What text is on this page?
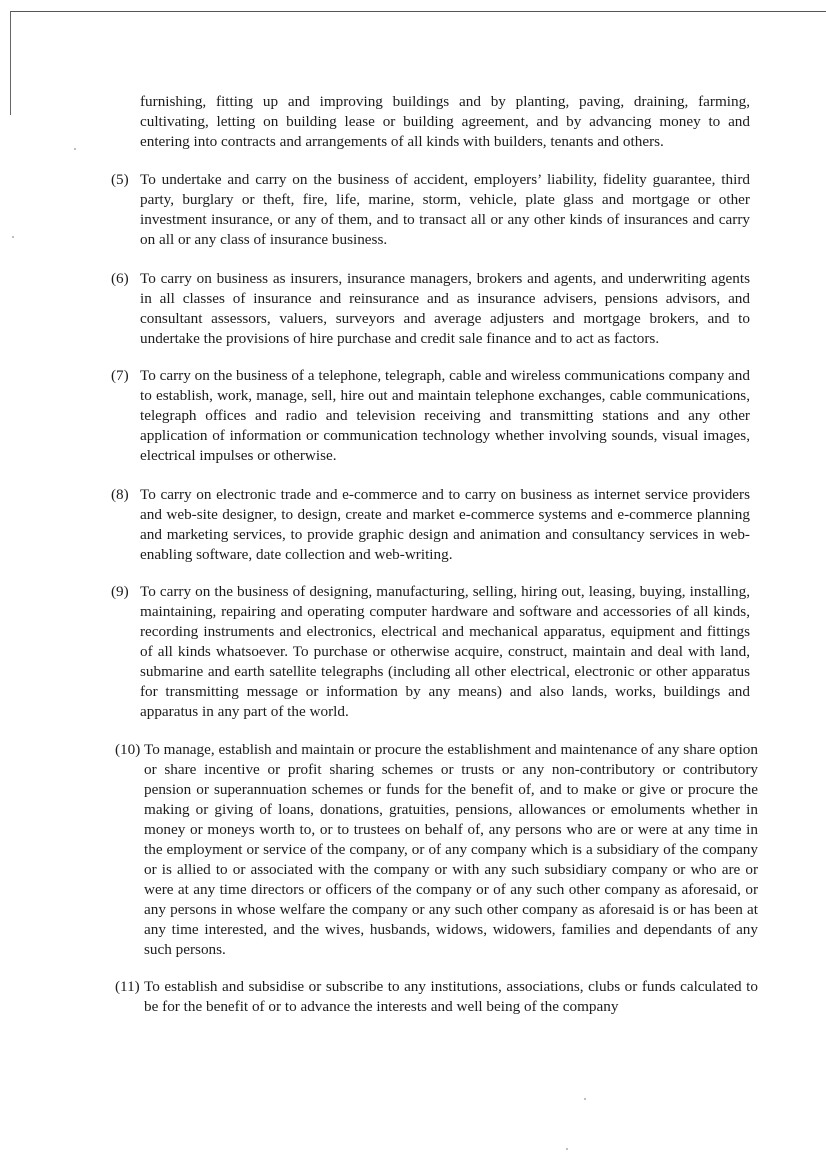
furnishing, fitting up and improving buildings and by planting, paving, draining, farming, cultivating, letting on building lease or building agreement, and by advancing money to and entering into contracts and arrangements of all kinds with builders, tenants and others.
(5) To undertake and carry on the business of accident, employers’ liability, fidelity guarantee, third party, burglary or theft, fire, life, marine, storm, vehicle, plate glass and mortgage or other investment insurance, or any of them, and to transact all or any other kinds of insurances and carry on all or any class of insurance business.
(6) To carry on business as insurers, insurance managers, brokers and agents, and underwriting agents in all classes of insurance and reinsurance and as insurance advisers, pensions advisors, and consultant assessors, valuers, surveyors and average adjusters and mortgage brokers, and to undertake the provisions of hire purchase and credit sale finance and to act as factors.
(7) To carry on the business of a telephone, telegraph, cable and wireless communications company and to establish, work, manage, sell, hire out and maintain telephone exchanges, cable communications, telegraph offices and radio and television receiving and transmitting stations and any other application of information or communication technology whether involving sounds, visual images, electrical impulses or otherwise.
(8) To carry on electronic trade and e-commerce and to carry on business as internet service providers and web-site designer, to design, create and market e-commerce systems and e-commerce planning and marketing services, to provide graphic design and animation and consultancy services in web-enabling software, date collection and web-writing.
(9) To carry on the business of designing, manufacturing, selling, hiring out, leasing, buying, installing, maintaining, repairing and operating computer hardware and software and accessories of all kinds, recording instruments and electronics, electrical and mechanical apparatus, equipment and fittings of all kinds whatsoever. To purchase or otherwise acquire, construct, maintain and deal with land, submarine and earth satellite telegraphs (including all other electrical, electronic or other apparatus for transmitting message or information by any means) and also lands, works, buildings and apparatus in any part of the world.
(10) To manage, establish and maintain or procure the establishment and maintenance of any share option or share incentive or profit sharing schemes or trusts or any non-contributory or contributory pension or superannuation schemes or funds for the benefit of, and to make or give or procure the making or giving of loans, donations, gratuities, pensions, allowances or emoluments whether in money or moneys worth to, or to trustees on behalf of, any persons who are or were at any time in the employment or service of the company, or of any company which is a subsidiary of the company or is allied to or associated with the company or with any such subsidiary company or who are or were at any time directors or officers of the company or of any such other company as aforesaid, or any persons in whose welfare the company or any such other company as aforesaid is or has been at any time interested, and the wives, husbands, widows, widowers, families and dependants of any such persons.
(11) To establish and subsidise or subscribe to any institutions, associations, clubs or funds calculated to be for the benefit of or to advance the interests and well being of the company
